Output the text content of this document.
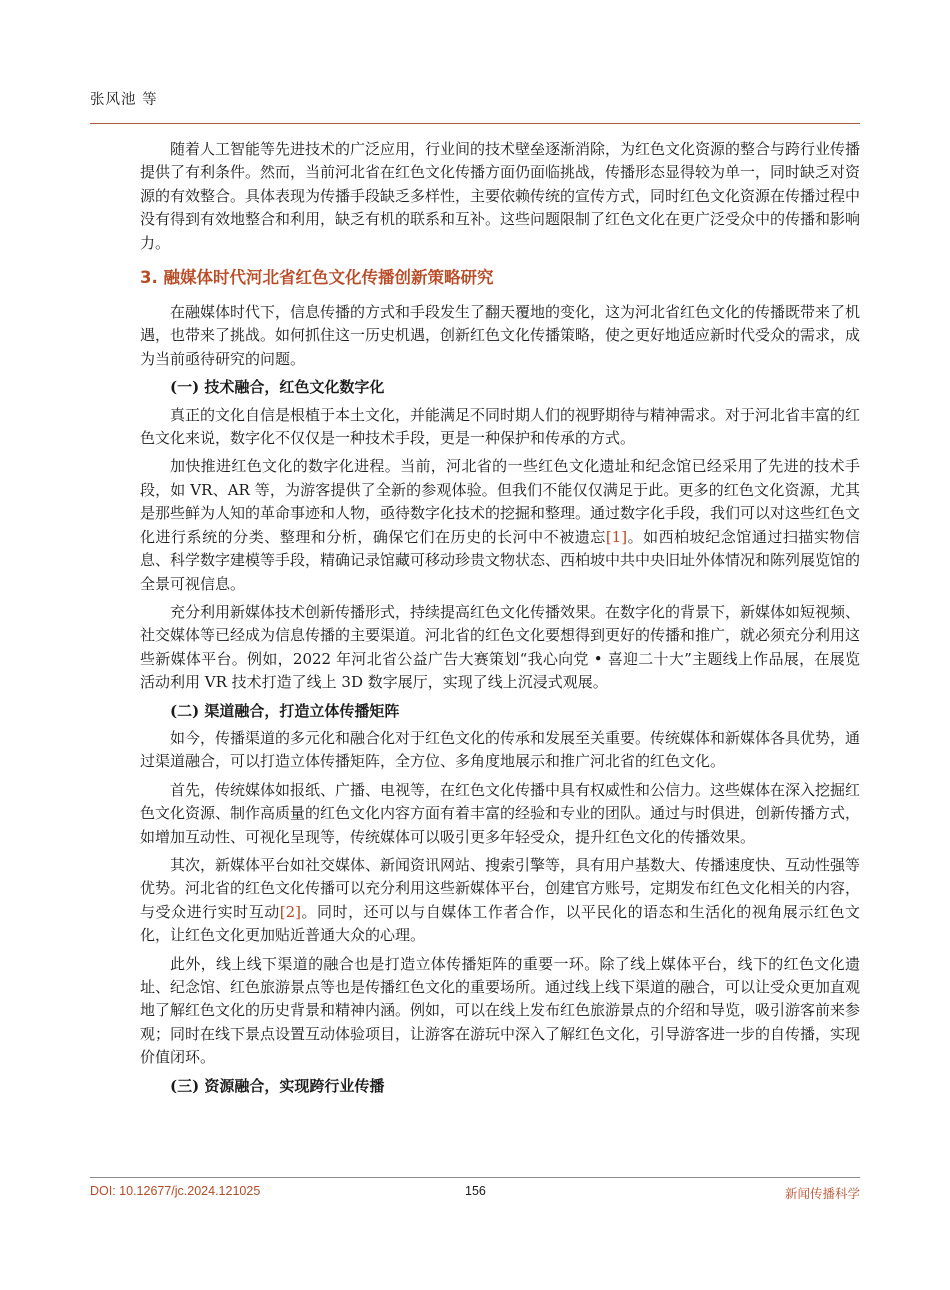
张风池 等

随着人工智能等先进技术的广泛应用，行业间的技术壁垒逐渐消除，为红色文化资源的整合与跨行业传播提供了有利条件。然而，当前河北省在红色文化传播方面仍面临挑战，传播形态显得较为单一，同时缺乏对资源的有效整合。具体表现为传播手段缺乏多样性，主要依赖传统的宣传方式，同时红色文化资源在传播过程中没有得到有效地整合和利用，缺乏有机的联系和互补。这些问题限制了红色文化在更广泛受众中的传播和影响力。

3. 融媒体时代河北省红色文化传播创新策略研究

在融媒体时代下，信息传播的方式和手段发生了翻天覆地的变化，这为河北省红色文化的传播既带来了机遇，也带来了挑战。如何抓住这一历史机遇，创新红色文化传播策略，使之更好地适应新时代受众的需求，成为当前亟待研究的问题。

(一) 技术融合，红色文化数字化

真正的文化自信是根植于本土文化，并能满足不同时期人们的视野期待与精神需求。对于河北省丰富的红色文化来说，数字化不仅仅是一种技术手段，更是一种保护和传承的方式。

加快推进红色文化的数字化进程。当前，河北省的一些红色文化遗址和纪念馆已经采用了先进的技术手段，如 VR、AR 等，为游客提供了全新的参观体验。但我们不能仅仅满足于此。更多的红色文化资源，尤其是那些鲜为人知的革命事迹和人物，亟待数字化技术的挖掘和整理。通过数字化手段，我们可以对这些红色文化进行系统的分类、整理和分析，确保它们在历史的长河中不被遗忘[1]。如西柏坡纪念馆通过扫描实物信息、科学数字建模等手段，精确记录馆藏可移动珍贵文物状态、西柏坡中共中央旧址外体情况和陈列展览馆的全景可视信息。

充分利用新媒体技术创新传播形式，持续提高红色文化传播效果。在数字化的背景下，新媒体如短视频、社交媒体等已经成为信息传播的主要渠道。河北省的红色文化要想得到更好的传播和推广，就必须充分利用这些新媒体平台。例如，2022 年河北省公益广告大赛策划“我心向党 • 喜迎二十大”主题线上作品展，在展览活动利用 VR 技术打造了线上 3D 数字展厅，实现了线上沉浸式观展。

(二) 渠道融合，打造立体传播矩阵

如今，传播渠道的多元化和融合化对于红色文化的传承和发展至关重要。传统媒体和新媒体各具优势，通过渠道融合，可以打造立体传播矩阵，全方位、多角度地展示和推广河北省的红色文化。

首先，传统媒体如报纸、广播、电视等，在红色文化传播中具有权威性和公信力。这些媒体在深入挖掘红色文化资源、制作高质量的红色文化内容方面有着丰富的经验和专业的团队。通过与时俱进，创新传播方式，如增加互动性、可视化呈现等，传统媒体可以吸引更多年轻受众，提升红色文化的传播效果。

其次，新媒体平台如社交媒体、新闻资讯网站、搜索引擎等，具有用户基数大、传播速度快、互动性强等优势。河北省的红色文化传播可以充分利用这些新媒体平台，创建官方账号，定期发布红色文化相关的内容，与受众进行实时互动[2]。同时，还可以与自媒体工作者合作，以平民化的语态和生活化的视角展示红色文化，让红色文化更加贴近普通大众的心理。

此外，线上线下渠道的融合也是打造立体传播矩阵的重要一环。除了线上媒体平台，线下的红色文化遗址、纪念馆、红色旅游景点等也是传播红色文化的重要场所。通过线上线下渠道的融合，可以让受众更加直观地了解红色文化的历史背景和精神内涵。例如，可以在线上发布红色旅游景点的介绍和导览，吸引游客前来参观；同时在线下景点设置互动体验项目，让游客在游玩中深入了解红色文化，引导游客进一步的自传播，实现价值闭环。

(三) 资源融合，实现跨行业传播
DOI: 10.12677/jc.2024.121025	156	新闻传播科学
